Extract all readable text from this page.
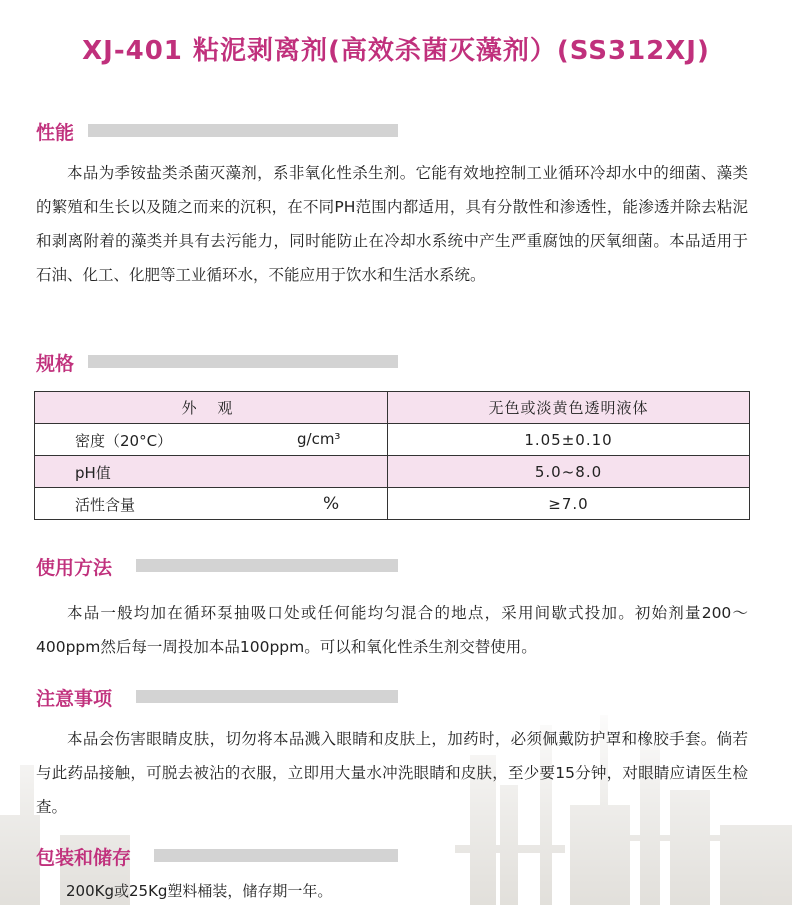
XJ-401 粘泥剥离剂(高效杀菌灭藻剂）(SS312XJ)
性能
本品为季铵盐类杀菌灭藻剂，系非氧化性杀生剂。它能有效地控制工业循环冷却水中的细菌、藻类的繁殖和生长以及随之而来的沉积，在不同PH范围内都适用，具有分散性和渗透性，能渗透并除去粘泥和剥离附着的藻类并具有去污能力，同时能防止在冷却水系统中产生严重腐蚀的厌氧细菌。本品适用于石油、化工、化肥等工业循环水，不能应用于饮水和生活水系统。
规格
外 观	无色或淡黄色透明液体

密度（20°C） g/cm³	1.05±0.10

pH值	5.0~8.0

活性含量 %	≥7.0
使用方法
本品一般均加在循环泵抽吸口处或任何能均匀混合的地点，采用间歇式投加。初始剂量200～400ppm然后每一周投加本品100ppm。可以和氧化性杀生剂交替使用。
注意事项
本品会伤害眼睛皮肤，切勿将本品溅入眼睛和皮肤上，加药时，必须佩戴防护罩和橡胶手套。倘若与此药品接触，可脱去被沾的衣服，立即用大量水冲洗眼睛和皮肤，至少要15分钟，对眼睛应请医生检查。
包装和储存
200Kg或25Kg塑料桶装，储存期一年。
